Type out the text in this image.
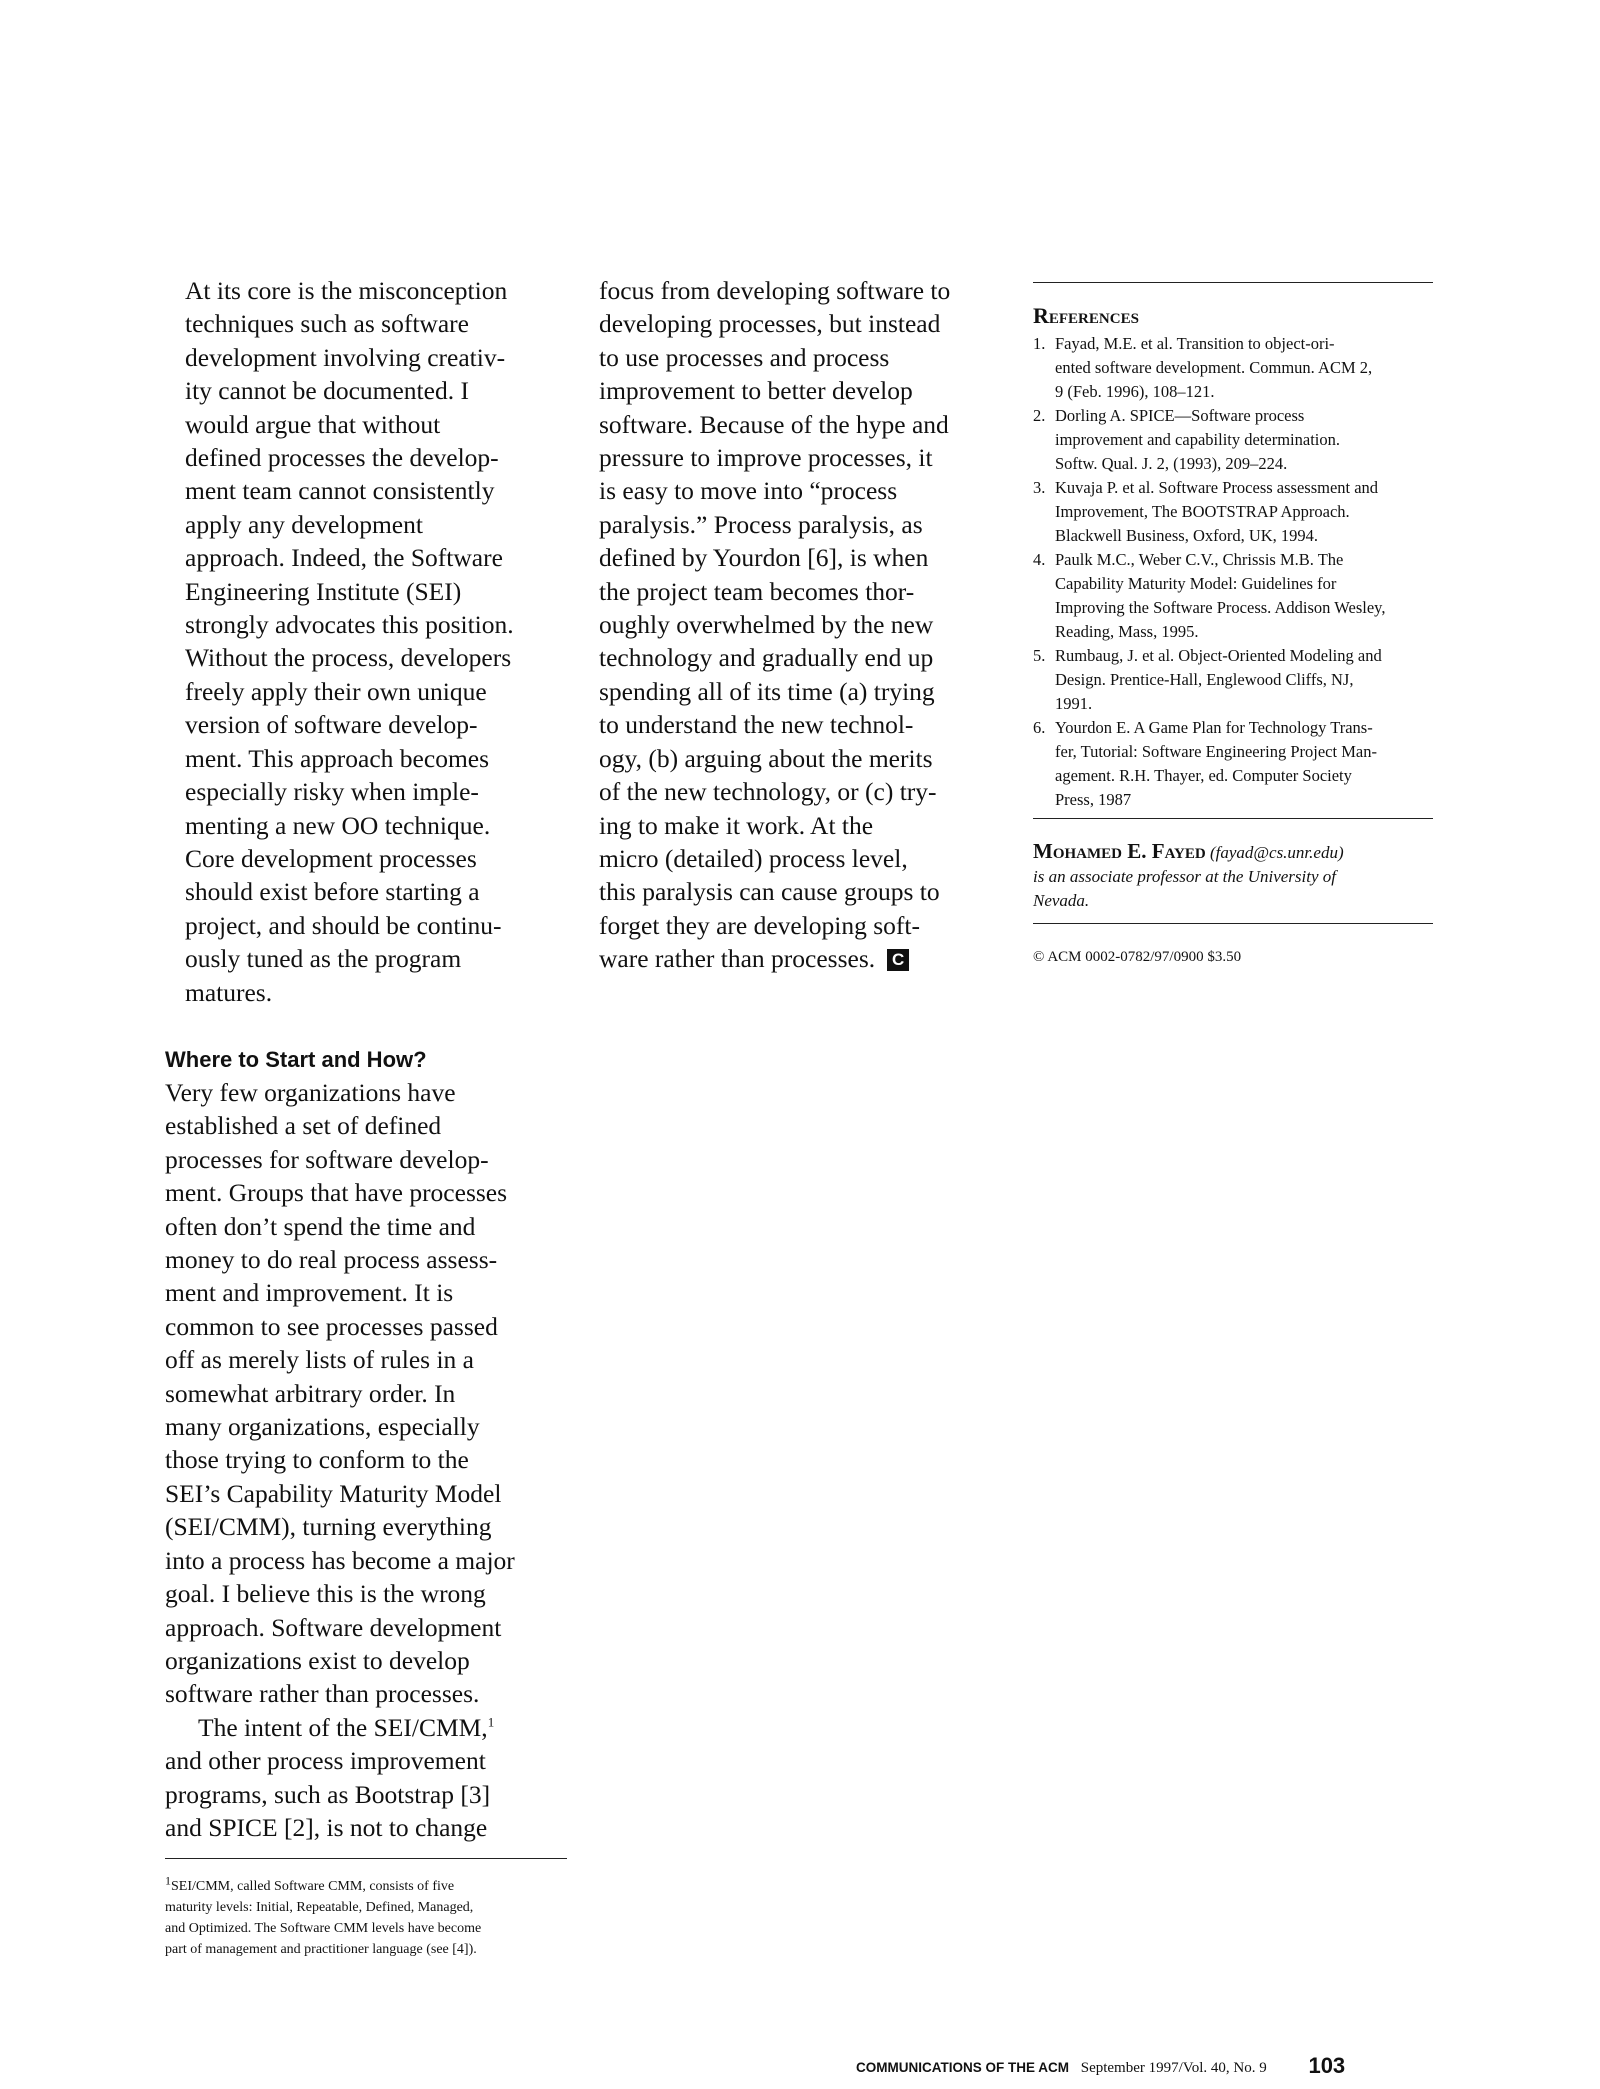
At its core is the misconception
techniques such as software
development involving creativ-
ity cannot be documented. I
would argue that without
defined processes the develop-
ment team cannot consistently
apply any development
approach. Indeed, the Software
Engineering Institute (SEI)
strongly advocates this position.
Without the process, developers
freely apply their own unique
version of software develop-
ment. This approach becomes
especially risky when imple-
menting a new OO technique.
Core development processes
should exist before starting a
project, and should be continu-
ously tuned as the program
matures.
focus from developing software to
developing processes, but instead
to use processes and process
improvement to better develop
software. Because of the hype and
pressure to improve processes, it
is easy to move into “process
paralysis.” Process paralysis, as
defined by Yourdon [6], is when
the project team becomes thor-
oughly overwhelmed by the new
technology and gradually end up
spending all of its time (a) trying
to understand the new technol-
ogy, (b) arguing about the merits
of the new technology, or (c) try-
ing to make it work. At the
micro (detailed) process level,
this paralysis can cause groups to
forget they are developing soft-
ware rather than processes. C
Where to Start and How?
Very few organizations have
established a set of defined
processes for software develop-
ment. Groups that have processes
often don’t spend the time and
money to do real process assess-
ment and improvement. It is
common to see processes passed
off as merely lists of rules in a
somewhat arbitrary order. In
many organizations, especially
those trying to conform to the
SEI’s Capability Maturity Model
(SEI/CMM), turning everything
into a process has become a major
goal. I believe this is the wrong
approach. Software development
organizations exist to develop
software rather than processes.
The intent of the SEI/CMM,$^1$
and other process improvement
programs, such as Bootstrap [3]
and SPICE [2], is not to change
1SEI/CMM, called Software CMM, consists of five
maturity levels: Initial, Repeatable, Defined, Managed,
and Optimized. The Software CMM levels have become
part of management and practitioner language (see [4]).
References
1. Fayad, M.E. et al. Transition to object-ori-
ented software development. Commun. ACM 2,
9 (Feb. 1996), 108–121.
2. Dorling A. SPICE—Software process
improvement and capability determination.
Softw. Qual. J. 2, (1993), 209–224.
3. Kuvaja P. et al. Software Process assessment and
Improvement, The BOOTSTRAP Approach.
Blackwell Business, Oxford, UK, 1994.
4. Paulk M.C., Weber C.V., Chrissis M.B. The
Capability Maturity Model: Guidelines for
Improving the Software Process. Addison Wesley,
Reading, Mass, 1995.
5. Rumbaug, J. et al. Object-Oriented Modeling and
Design. Prentice-Hall, Englewood Cliffs, NJ,
1991.
6. Yourdon E. A Game Plan for Technology Trans-
fer, Tutorial: Software Engineering Project Man-
agement. R.H. Thayer, ed. Computer Society
Press, 1987
Mohamed E. Fayed (fayad@cs.unr.edu)
is an associate professor at the University of
Nevada.
© ACM 0002-0782/97/0900 $3.50
COMMUNICATIONS OF THE ACM September 1997/Vol. 40, No. 9 103
